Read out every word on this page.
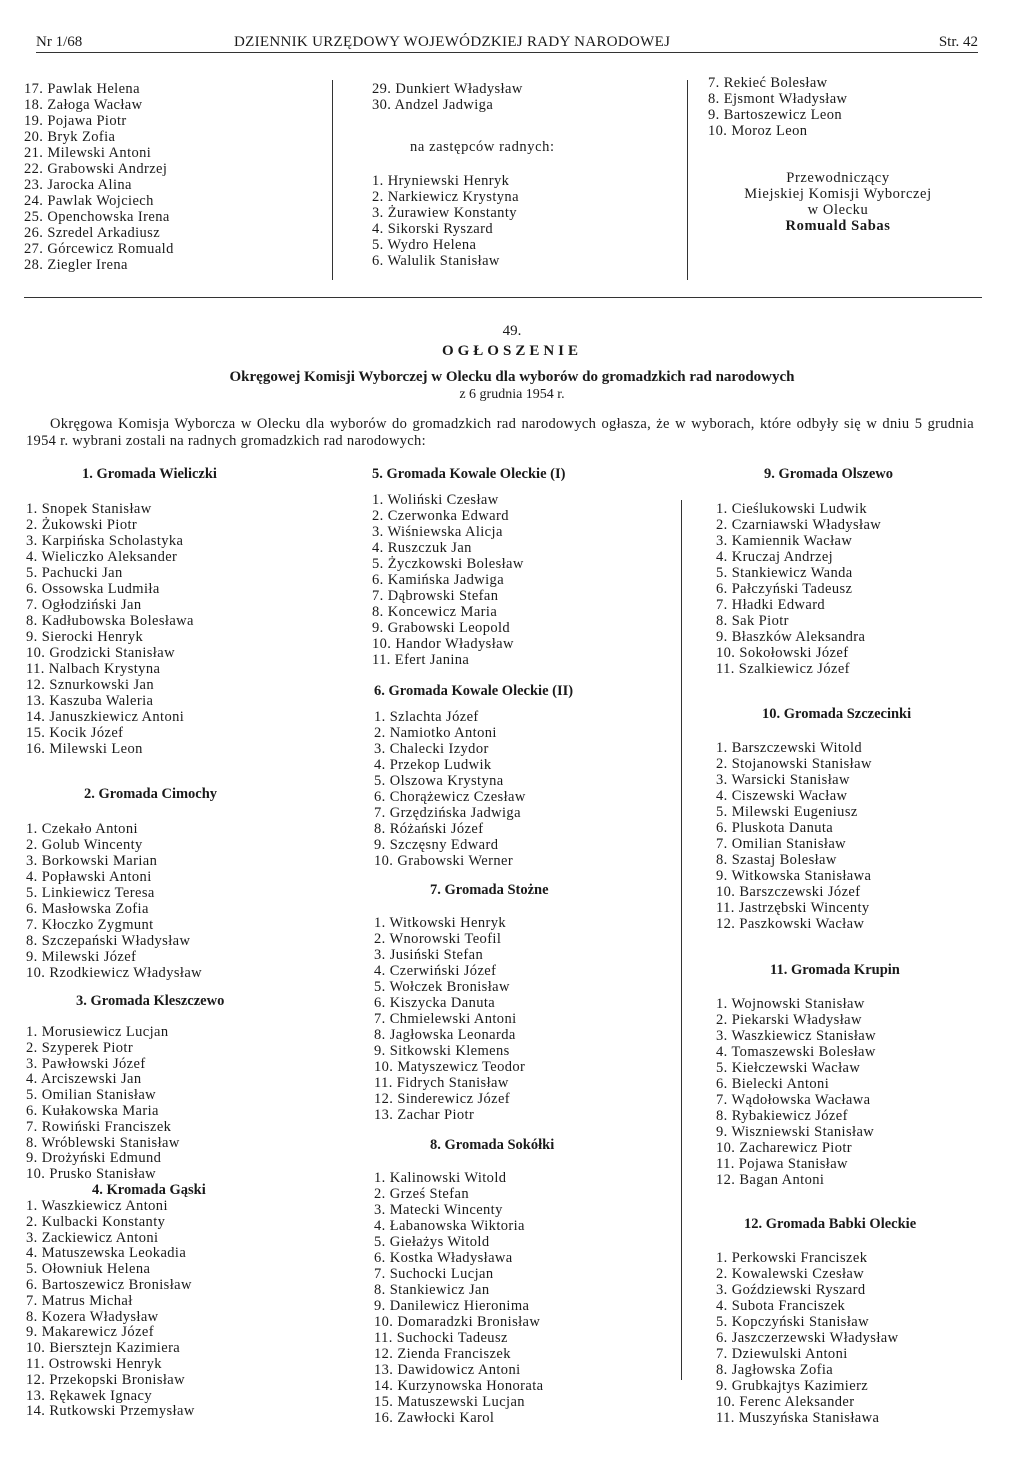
Nr 1/68	DZIENNIK URZĘDOWY WOJEWÓDZKIEJ RADY NARODOWEJ	Str. 42
17. Pawlak Helena
18. Załoga Wacław
19. Pojawa Piotr
20. Bryk Zofia
21. Milewski Antoni
22. Grabowski Andrzej
23. Jarocka Alina
24. Pawlak Wojciech
25. Openchowska Irena
26. Szredel Arkadiusz
27. Górcewicz Romuald
28. Ziegler Irena
29. Dunkiert Władysław
30. Andzel Jadwiga
na zastępców radnych:
1. Hryniewski Henryk
2. Narkiewicz Krystyna
3. Żurawiew Konstanty
4. Sikorski Ryszard
5. Wydro Helena
6. Walulik Stanisław
7. Rekieć Bolesław
8. Ejsmont Władysław
9. Bartoszewicz Leon
10. Moroz Leon
Przewodniczący
Miejskiej Komisji Wyborczej
w Olecku
Romuald Sabas
49.
OGŁOSZENIE
Okręgowej Komisji Wyborczej w Olecku dla wyborów do gromadzkich rad narodowych
z 6 grudnia 1954 r.
Okręgowa Komisja Wyborcza w Olecku dla wyborów do gromadzkich rad narodowych ogłasza, że w wyborach, które odbyły się w dniu 5 grudnia 1954 r. wybrani zostali na radnych gromadzkich rad narodowych:
1. Gromada Wieliczki
1. Snopek Stanisław
2. Żukowski Piotr
3. Karpińska Scholastyka
4. Wieliczko Aleksander
5. Pachucki Jan
6. Ossowska Ludmiła
7. Ogłodziński Jan
8. Kadłubowska Bolesława
9. Sierocki Henryk
10. Grodzicki Stanisław
11. Nalbach Krystyna
12. Sznurkowski Jan
13. Kaszuba Waleria
14. Januszkiewicz Antoni
15. Kocik Józef
16. Milewski Leon
2. Gromada Cimochy
1. Czekało Antoni
2. Golub Wincenty
3. Borkowski Marian
4. Popławski Antoni
5. Linkiewicz Teresa
6. Masłowska Zofia
7. Kłoczko Zygmunt
8. Szczepański Władysław
9. Milewski Józef
10. Rzodkiewicz Władysław
3. Gromada Kleszczewo
1. Morusiewicz Lucjan
2. Szyperek Piotr
3. Pawłowski Józef
4. Arciszewski Jan
5. Omilian Stanisław
6. Kułakowska Maria
7. Rowiński Franciszek
8. Wróblewski Stanisław
9. Drożyński Edmund
10. Prusko Stanisław
4. Kromada Gąski
1. Waszkiewicz Antoni
2. Kulbacki Konstanty
3. Zackiewicz Antoni
4. Matuszewska Leokadia
5. Ołowniuk Helena
6. Bartoszewicz Bronisław
7. Matrus Michał
8. Kozera Władysław
9. Makarewicz Józef
10. Bierszteјn Kazimiera
11. Ostrowski Henryk
12. Przekopski Bronisław
13. Rękawek Ignacy
14. Rutkowski Przemysław
5. Gromada Kowale Oleckie (I)
1. Woliński Czesław
2. Czerwonka Edward
3. Wiśniewska Alicja
4. Ruszczuk Jan
5. Życzkowski Bolesław
6. Kamińska Jadwiga
7. Dąbrowski Stefan
8. Koncewicz Maria
9. Grabowski Leopold
10. Handor Władysław
11. Efert Janina
6. Gromada Kowale Oleckie (II)
1. Szlachta Józef
2. Namiotko Antoni
3. Chalecki Izydor
4. Przekop Ludwik
5. Olszowa Krystyna
6. Chorążewicz Czesław
7. Grzędzińska Jadwiga
8. Różański Józef
9. Szczęsny Edward
10. Grabowski Werner
7. Gromada Stożne
1. Witkowski Henryk
2. Wnorowski Teofil
3. Jusiński Stefan
4. Czerwiński Józef
5. Wołczek Bronisław
6. Kiszycka Danuta
7. Chmielewski Antoni
8. Jagłowska Leonarda
9. Sitkowski Klemens
10. Matyszewicz Teodor
11. Fidrych Stanisław
12. Sinderewicz Józef
13. Zachar Piotr
8. Gromada Sokółki
1. Kalinowski Witold
2. Grześ Stefan
3. Matecki Wincenty
4. Łabanowska Wiktoria
5. Giełażys Witold
6. Kostka Władysława
7. Suchocki Lucjan
8. Stankiewicz Jan
9. Danilewicz Hieronima
10. Domaradzki Bronisław
11. Suchocki Tadeusz
12. Zienda Franciszek
13. Dawidowicz Antoni
14. Kurzynowska Honorata
15. Matuszewski Lucjan
16. Zawłocki Karol
9. Gromada Olszewo
1. Cieślukowski Ludwik
2. Czarniawski Władysław
3. Kamiennik Wacław
4. Kruczaj Andrzej
5. Stankiewicz Wanda
6. Pałczyński Tadeusz
7. Hładki Edward
8. Sak Piotr
9. Błaszków Aleksandra
10. Sokołowski Józef
11. Szalkiewicz Józef
10. Gromada Szczecinki
1. Barszczewski Witold
2. Stojanowski Stanisław
3. Warsicki Stanisław
4. Ciszewski Wacław
5. Milewski Eugeniusz
6. Pluskota Danuta
7. Omilian Stanisław
8. Szastaj Bolesław
9. Witkowska Stanisława
10. Barszczewski Józef
11. Jastrzębski Wincenty
12. Paszkowski Wacław
11. Gromada Krupin
1. Wojnowski Stanisław
2. Piekarski Władysław
3. Waszkiewicz Stanisław
4. Tomaszewski Bolesław
5. Kiełczewski Wacław
6. Bielecki Antoni
7. Wądołowska Wacława
8. Rybakiewicz Józef
9. Wiszniewski Stanisław
10. Zacharewicz Piotr
11. Pojawa Stanisław
12. Bagan Antoni
12. Gromada Babki Oleckie
1. Perkowski Franciszek
2. Kowalewski Czesław
3. Goździewski Ryszard
4. Subota Franciszek
5. Kopczyński Stanisław
6. Jaszczerzewski Władysław
7. Dziewulski Antoni
8. Jagłowska Zofia
9. Grubkajtys Kazimierz
10. Ferenc Aleksander
11. Muszyńska Stanisława
